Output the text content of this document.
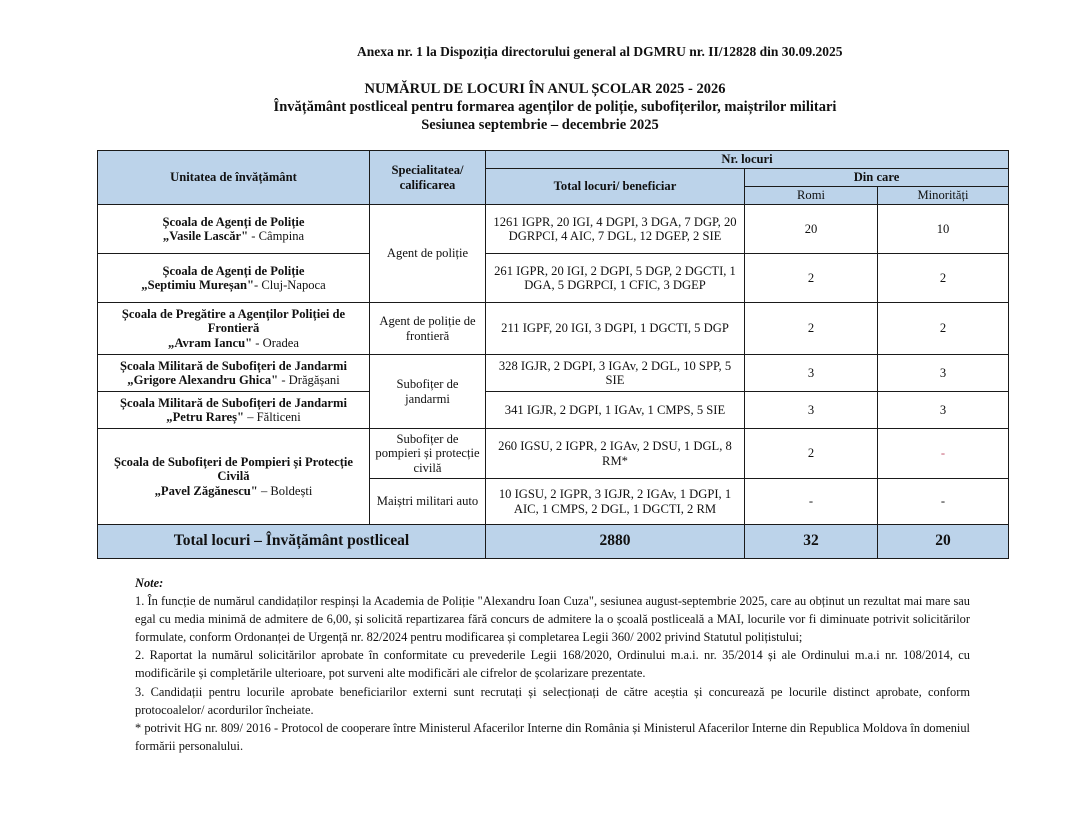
Anexa nr. 1 la Dispoziția directorului general al DGMRU nr. II/12828 din 30.09.2025
NUMĂRUL DE LOCURI ÎN ANUL ȘCOLAR 2025 - 2026
Învățământ postliceal pentru formarea agenților de poliție, subofițerilor, maiștrilor militari
Sesiunea septembrie – decembrie 2025
Unitatea de învățământ	Specialitatea/ calificarea	Nr. locuri		
		Total locuri/ beneficiar	Din care	
			Romi	Minorități
Școala de Agenți de Poliție
„Vasile Lascăr" - Câmpina	Agent de poliție	1261 IGPR, 20 IGI, 4 DGPI, 3 DGA, 7 DGP, 20 DGRPCI, 4 AIC, 7 DGL, 12 DGEP, 2 SIE	20	10
Școala de Agenți de Poliție
„Septimiu Mureșan"- Cluj-Napoca		261 IGPR, 20 IGI, 2 DGPI, 5 DGP, 2 DGCTI, 1 DGA, 5 DGRPCI, 1 CFIC, 3 DGEP	2	2
Școala de Pregătire a Agenților Poliției de Frontieră
„Avram Iancu" - Oradea	Agent de poliție de frontieră	211 IGPF, 20 IGI, 3 DGPI, 1 DGCTI, 5 DGP	2	2
Școala Militară de Subofițeri de Jandarmi
„Grigore Alexandru Ghica" - Drăgășani	Subofițer de jandarmi	328 IGJR, 2 DGPI, 3 IGAv, 2 DGL, 10 SPP, 5 SIE	3	3
Școala Militară de Subofițeri de Jandarmi
„Petru Rareș" – Fălticeni		341 IGJR, 2 DGPI, 1 IGAv, 1 CMPS, 5 SIE	3	3
Școala de Subofițeri de Pompieri și Protecție Civilă
„Pavel Zăgănescu" – Boldești	Subofițer de pompieri și protecție civilă	260 IGSU, 2 IGPR, 2 IGAv, 2 DSU, 1 DGL, 8 RM*	2	-
	Maiștri militari auto	10 IGSU, 2 IGPR, 3 IGJR, 2 IGAv, 1 DGPI, 1 AIC, 1 CMPS, 2 DGL, 1 DGCTI, 2 RM	-	-
Total locuri – Învățământ postliceal		2880	32	20

Note:

1. În funcție de numărul candidaților respinși la Academia de Poliție "Alexandru Ioan Cuza", sesiunea august-septembrie 2025, care au obținut un rezultat mai mare sau egal cu media minimă de admitere de 6,00, și solicită repartizarea fără concurs de admitere la o școală postliceală a MAI, locurile vor fi diminuate potrivit solicitărilor formulate, conform Ordonanței de Urgență nr. 82/2024 pentru modificarea și completarea Legii 360/ 2002 privind Statutul polițistului;

2. Raportat la numărul solicitărilor aprobate în conformitate cu prevederile Legii 168/2020, Ordinului m.a.i. nr. 35/2014 și ale Ordinului m.a.i nr. 108/2014, cu modificările și completările ulterioare, pot surveni alte modificări ale cifrelor de școlarizare prezentate.

3. Candidații pentru locurile aprobate beneficiarilor externi sunt recrutați și selecționați de către aceștia și concurează pe locurile distinct aprobate, conform protocoalelor/ acordurilor încheiate.

* potrivit HG nr. 809/ 2016 - Protocol de cooperare între Ministerul Afacerilor Interne din România și Ministerul Afacerilor Interne din Republica Moldova în domeniul formării personalului.
